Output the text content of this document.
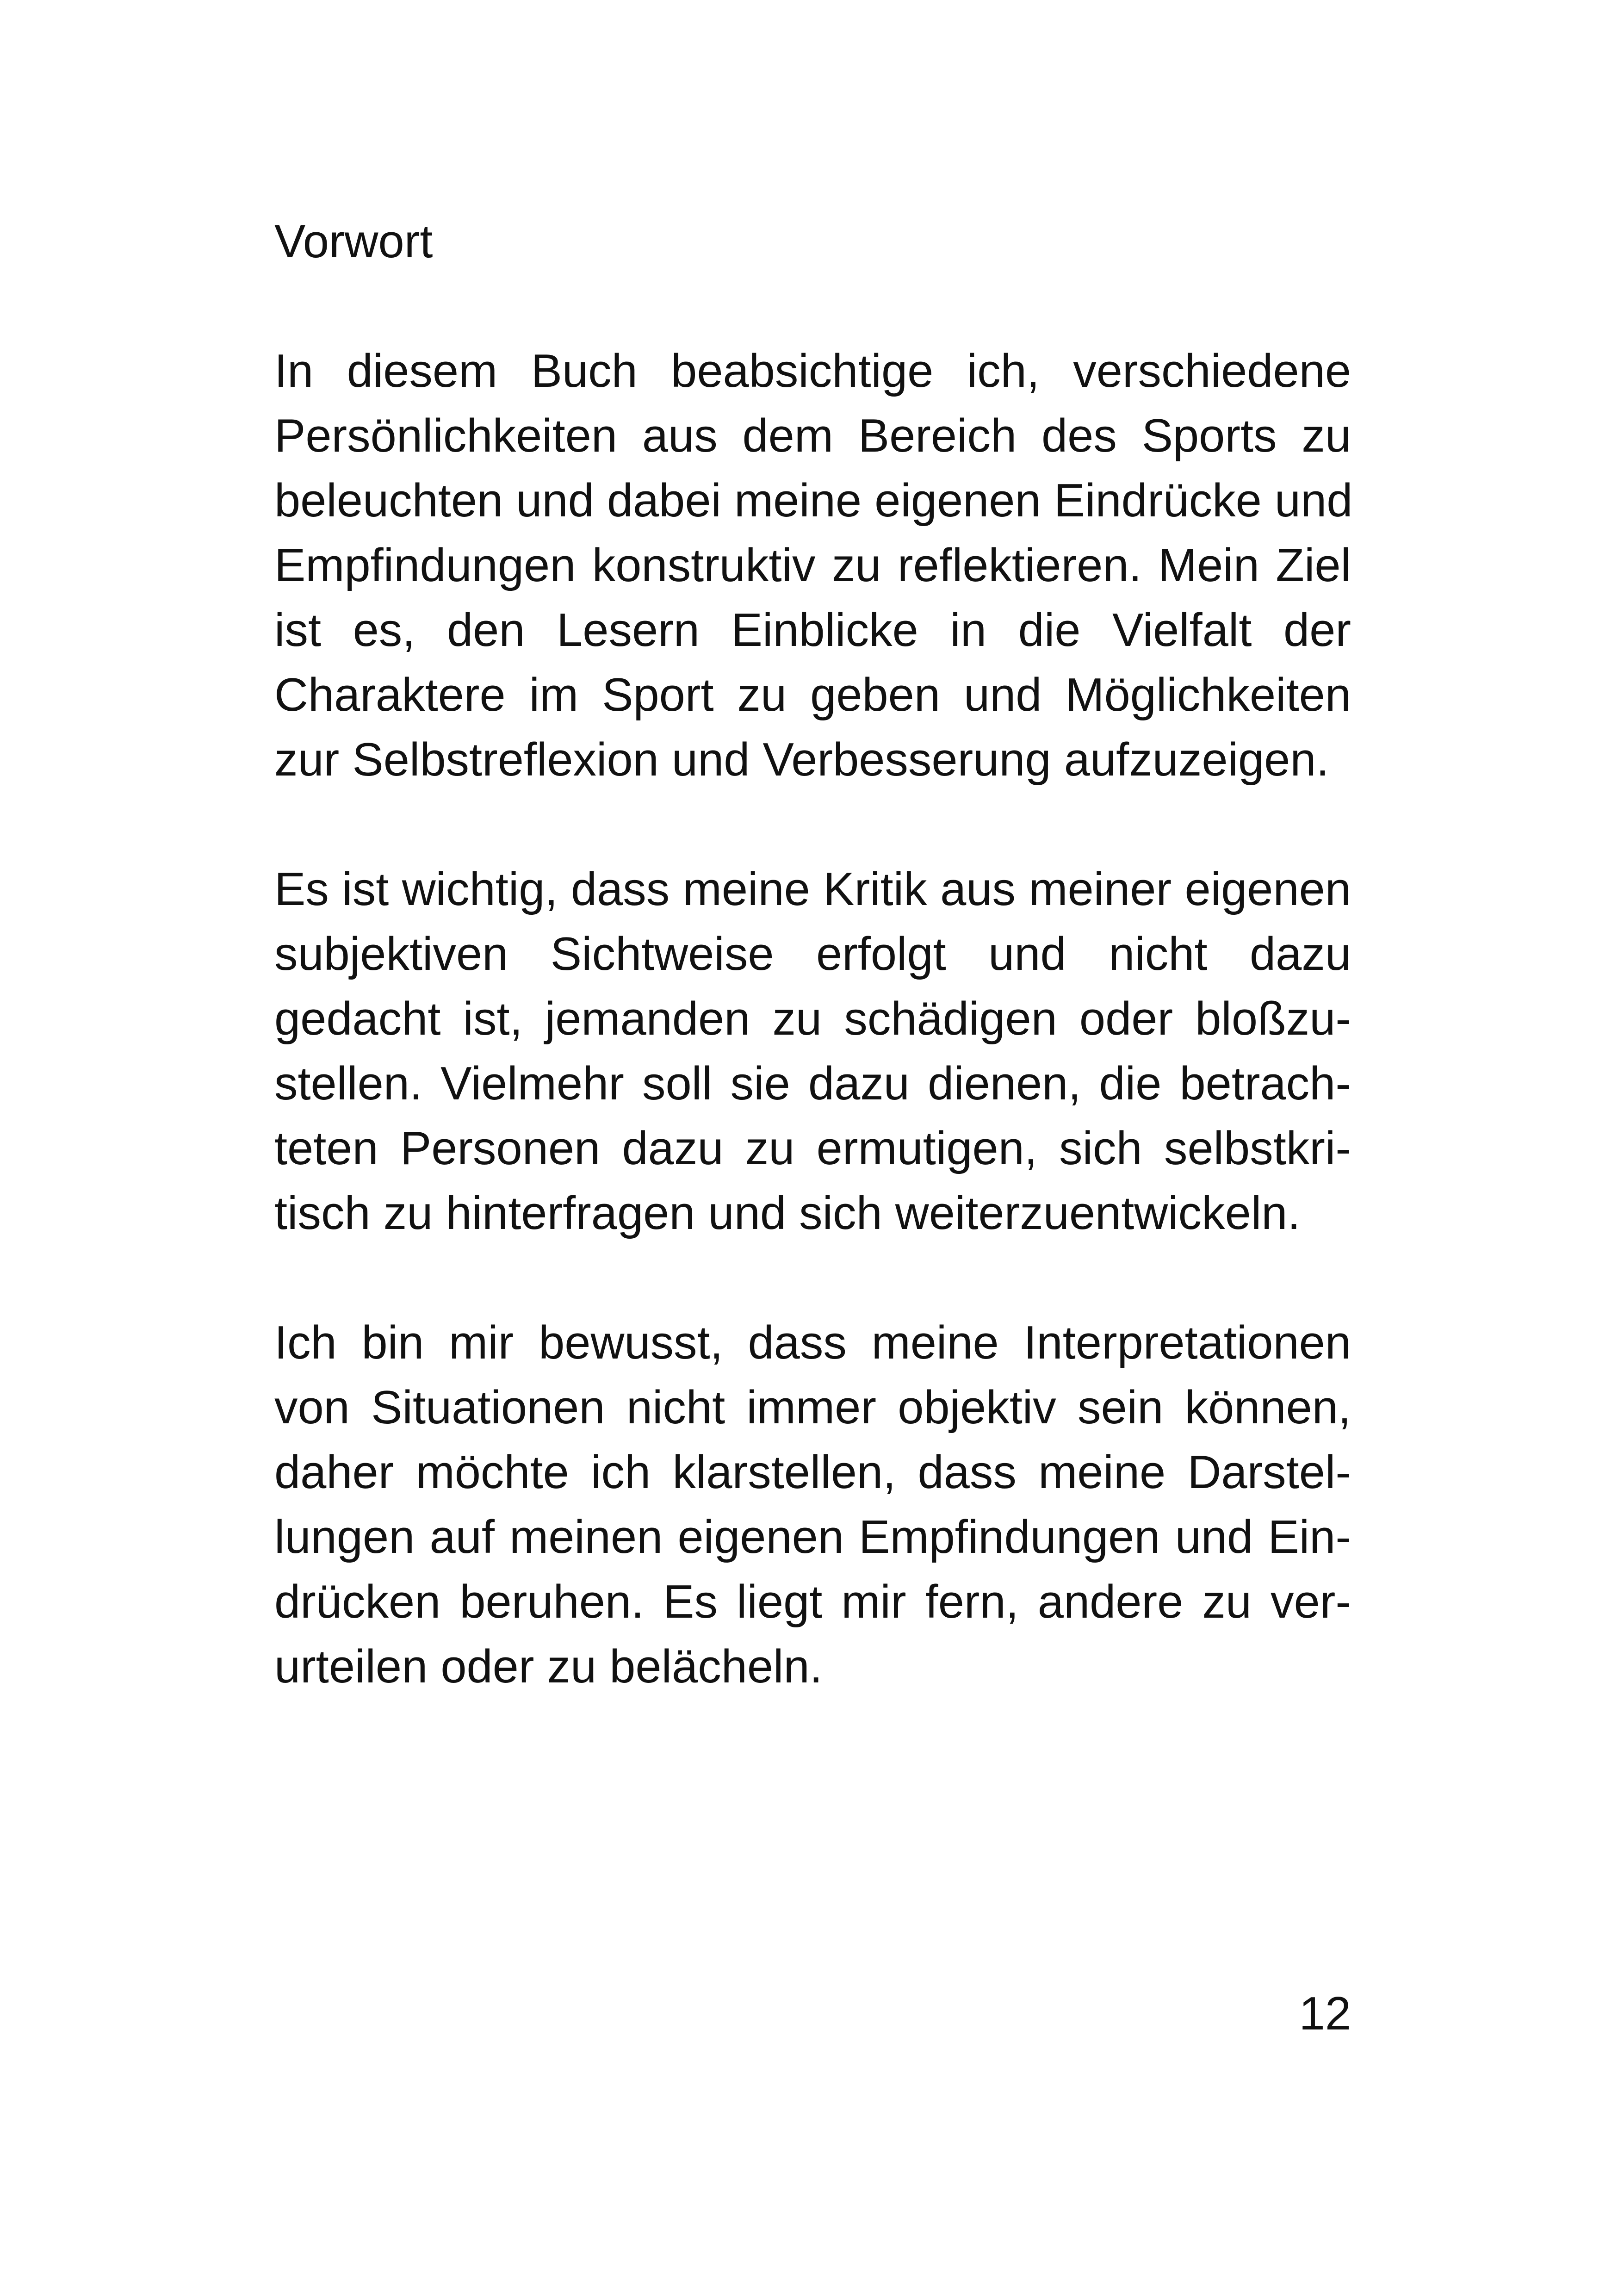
Vorwort
In diesem Buch beabsichtige ich, verschiedene
Persönlichkeiten aus dem Bereich des Sports zu
beleuchten und dabei meine eigenen Eindrücke und
Empfindungen konstruktiv zu reflektieren. Mein Ziel
ist es, den Lesern Einblicke in die Vielfalt der
Charaktere im Sport zu geben und Möglichkeiten
zur Selbstreflexion und Verbesserung aufzuzeigen.
Es ist wichtig, dass meine Kritik aus meiner eigenen
subjektiven Sichtweise erfolgt und nicht dazu
gedacht ist, jemanden zu schädigen oder bloßzu-
stellen. Vielmehr soll sie dazu dienen, die betrach-
teten Personen dazu zu ermutigen, sich selbstkri-
tisch zu hinterfragen und sich weiterzuentwickeln.
Ich bin mir bewusst, dass meine Interpretationen
von Situationen nicht immer objektiv sein können,
daher möchte ich klarstellen, dass meine Darstel-
lungen auf meinen eigenen Empfindungen und Ein-
drücken beruhen. Es liegt mir fern, andere zu ver-
urteilen oder zu belächeln.
12
